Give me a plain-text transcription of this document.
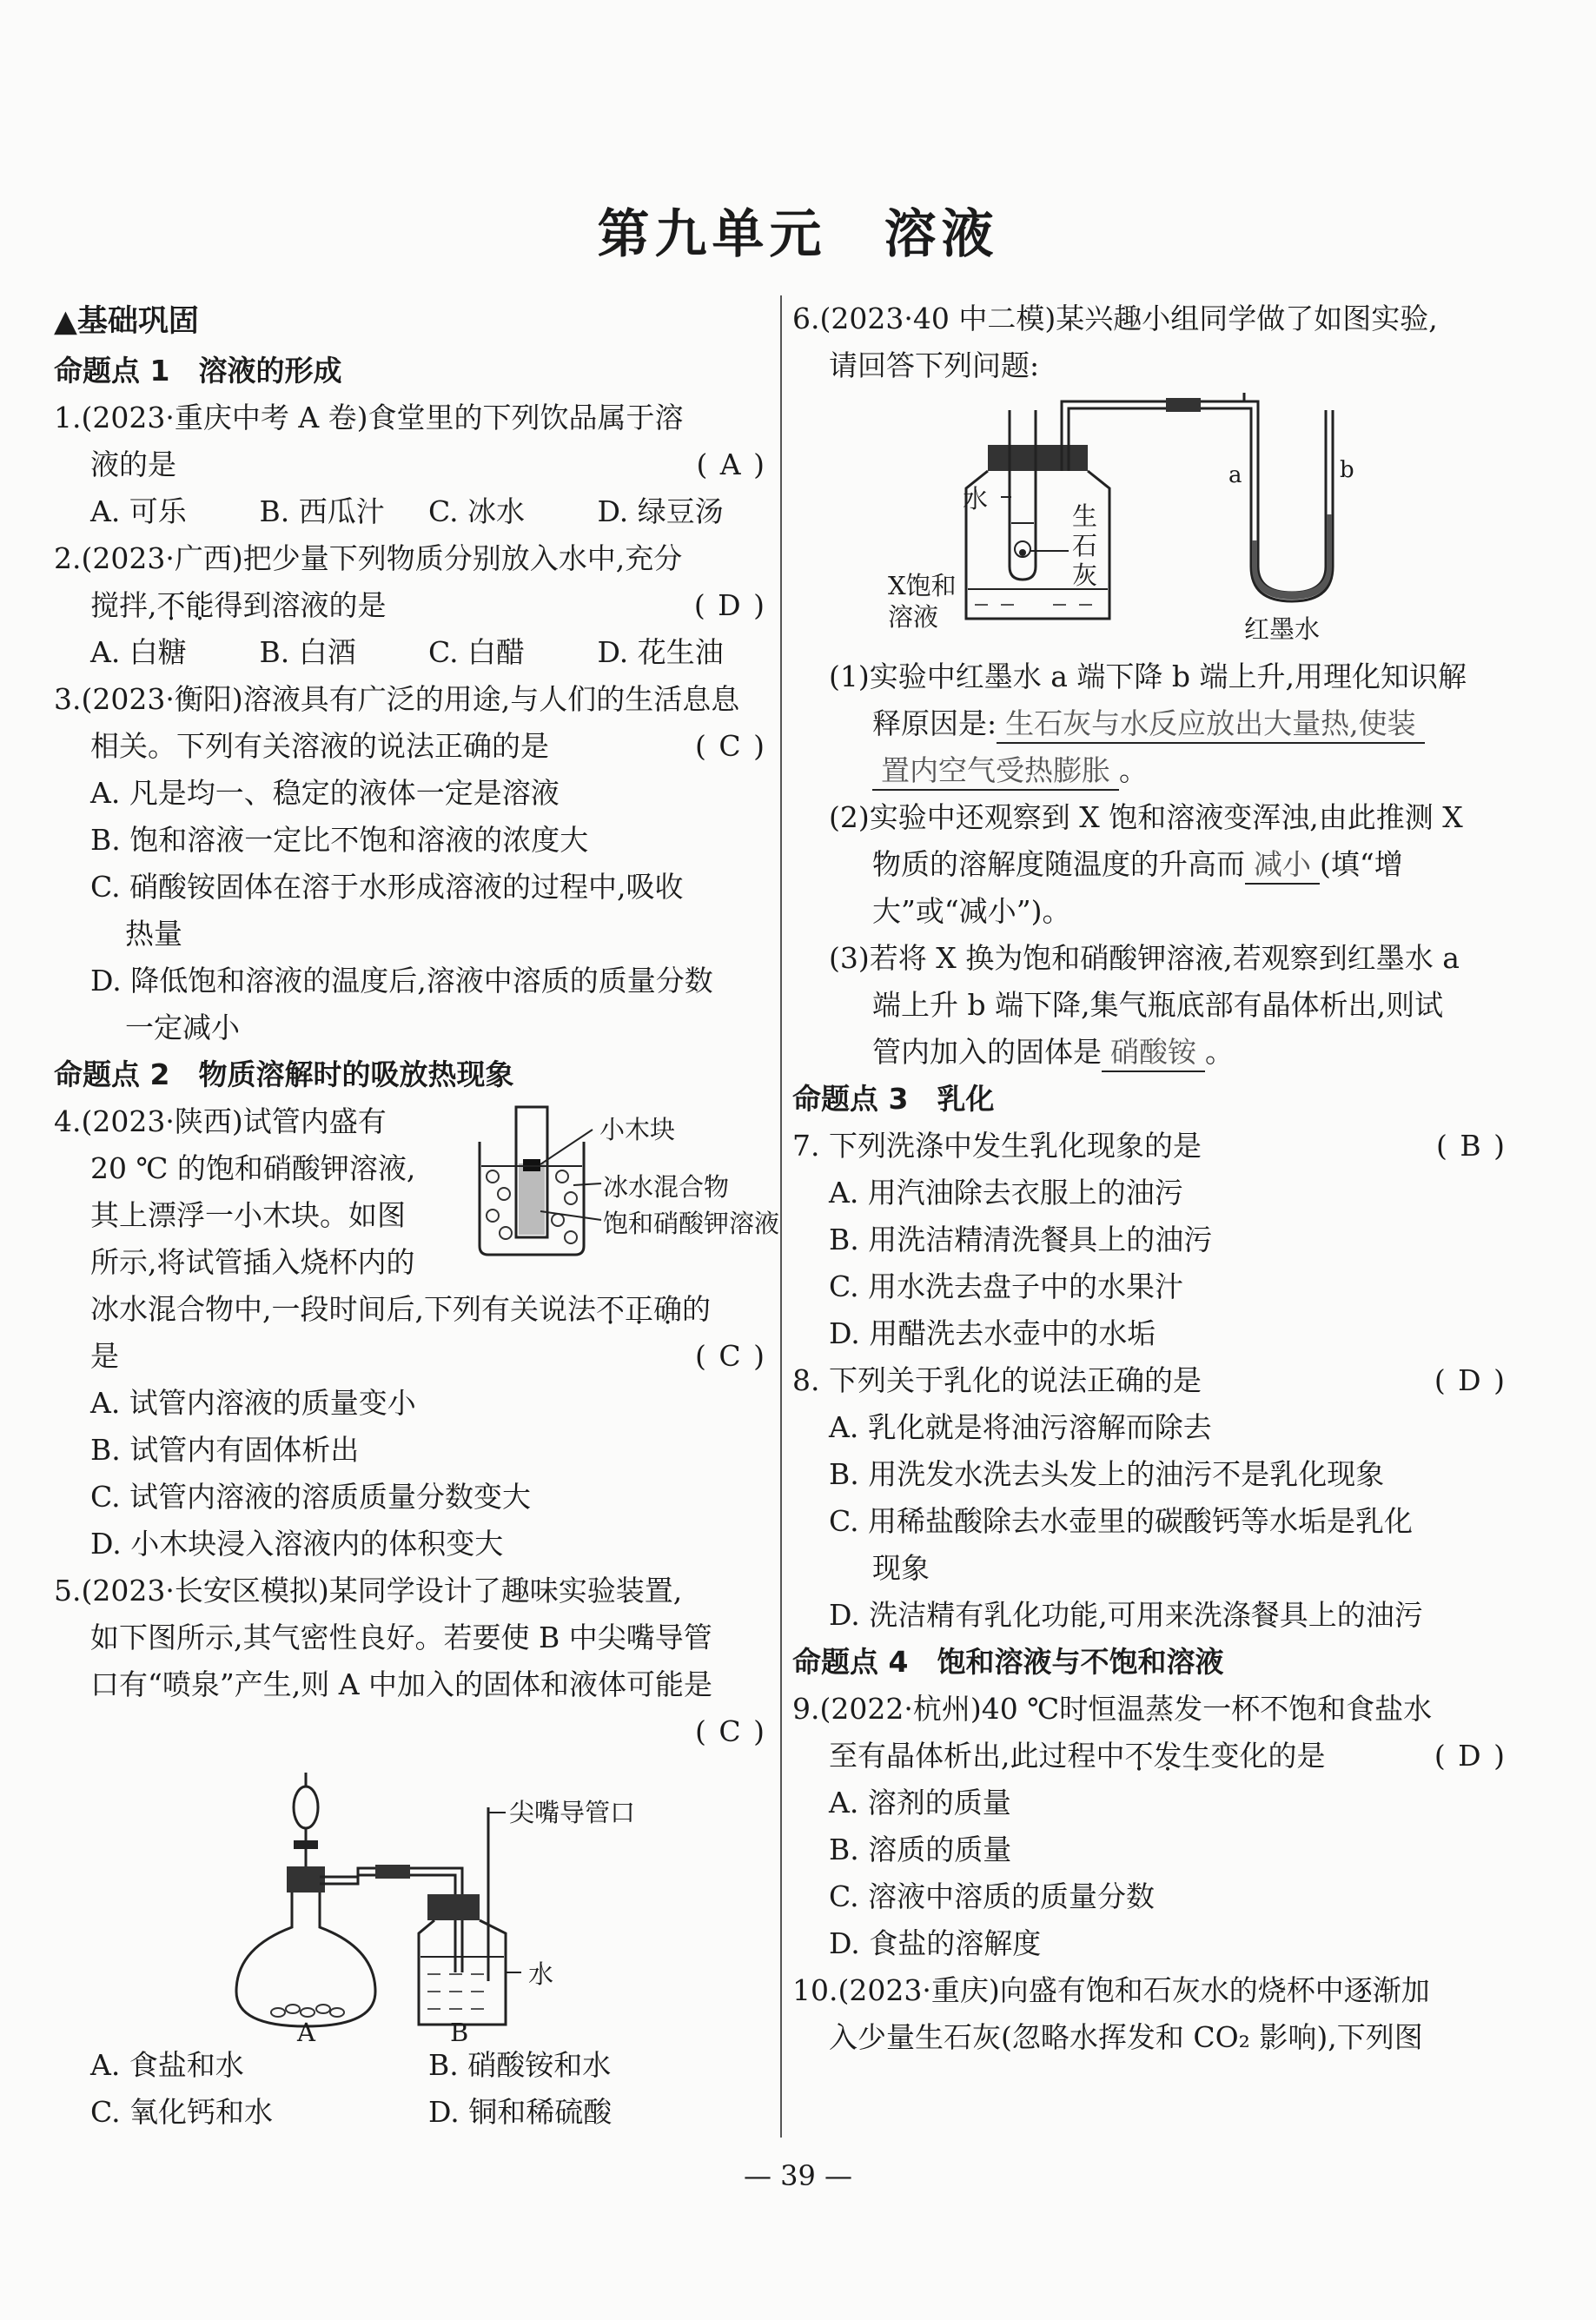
第九单元　溶液
▲基础巩固
命题点 1　溶液的形成
1.(2023·重庆中考 A 卷)食堂里的下列饮品属于溶
液的是	( A )
A. 可乐	B. 西瓜汁	C. 冰水	D. 绿豆汤
2.(2023·广西)把少量下列物质分别放入水中,充分
搅拌,不能得到溶液的是	( D )
A. 白糖	B. 白酒	C. 白醋	D. 花生油
3.(2023·衡阳)溶液具有广泛的用途,与人们的生活息息
相关。下列有关溶液的说法正确的是	( C )
A. 凡是均一、稳定的液体一定是溶液
B. 饱和溶液一定比不饱和溶液的浓度大
C. 硝酸铵固体在溶于水形成溶液的过程中,吸收
热量
D. 降低饱和溶液的温度后,溶液中溶质的质量分数
一定减小
命题点 2　物质溶解时的吸放热现象
4.(2023·陕西)试管内盛有
20 ℃ 的饱和硝酸钾溶液,
其上漂浮一小木块。如图
所示,将试管插入烧杯内的
冰水混合物中,一段时间后,下列有关说法不正确的
是	( C )
小木块
冰水混合物
饱和硝酸钾溶液
A. 试管内溶液的质量变小
B. 试管内有固体析出
C. 试管内溶液的溶质质量分数变大
D. 小木块浸入溶液内的体积变大
5.(2023·长安区模拟)某同学设计了趣味实验装置,
如下图所示,其气密性良好。若要使 B 中尖嘴导管
口有“喷泉”产生,则 A 中加入的固体和液体可能是
( C )
尖嘴导管口
水
A	B
A. 食盐和水	B. 硝酸铵和水
C. 氧化钙和水	D. 铜和稀硫酸
6.(2023·40 中二模)某兴趣小组同学做了如图实验,
请回答下列问题:
水
生
石
灰
X饱和
溶液
a	b
红墨水
(1)实验中红墨水 a 端下降 b 端上升,用理化知识解
释原因是: 生石灰与水反应放出大量热,使装
置内空气受热膨胀 。
(2)实验中还观察到 X 饱和溶液变浑浊,由此推测 X
物质的溶解度随温度的升高而 减小 (填“增
大”或“减小”)。
(3)若将 X 换为饱和硝酸钾溶液,若观察到红墨水 a
端上升 b 端下降,集气瓶底部有晶体析出,则试
管内加入的固体是 硝酸铵 。
命题点 3　乳化
7. 下列洗涤中发生乳化现象的是	( B )
A. 用汽油除去衣服上的油污
B. 用洗洁精清洗餐具上的油污
C. 用水洗去盘子中的水果汁
D. 用醋洗去水壶中的水垢
8. 下列关于乳化的说法正确的是	( D )
A. 乳化就是将油污溶解而除去
B. 用洗发水洗去头发上的油污不是乳化现象
C. 用稀盐酸除去水壶里的碳酸钙等水垢是乳化
现象
D. 洗洁精有乳化功能,可用来洗涤餐具上的油污
命题点 4　饱和溶液与不饱和溶液
9.(2022·杭州)40 ℃时恒温蒸发一杯不饱和食盐水
至有晶体析出,此过程中不发生变化的是	( D )
A. 溶剂的质量
B. 溶质的质量
C. 溶液中溶质的质量分数
D. 食盐的溶解度
10.(2023·重庆)向盛有饱和石灰水的烧杯中逐渐加
入少量生石灰(忽略水挥发和 CO₂ 影响),下列图
— 39 —
